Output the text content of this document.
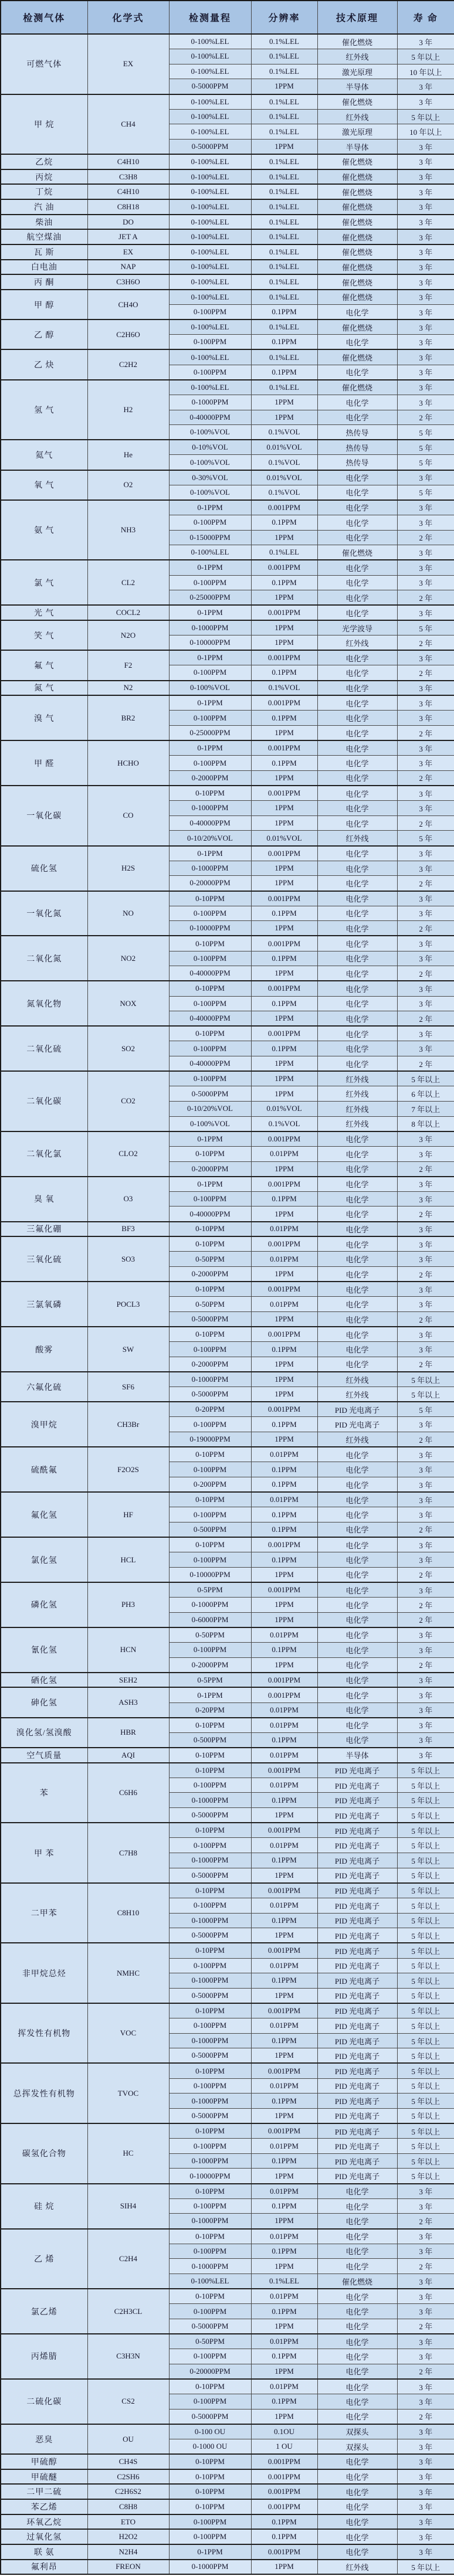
检测气体	化学式	检测量程	分辨率	技术原理	寿 命
可燃气体	EX	0-100%LEL	0.1%LEL	催化燃烧	3 年
		0-100%LEL	0.1%LEL	红外线	5 年以上
		0-100%LEL	0.1%LEL	激光原理	10 年以上
		0-5000PPM	1PPM	半导体	3 年
甲 烷	CH4	0-100%LEL	0.1%LEL	催化燃烧	3 年
		0-100%LEL	0.1%LEL	红外线	5 年以上
		0-100%LEL	0.1%LEL	激光原理	10 年以上
		0-5000PPM	1PPM	半导体	3 年
乙烷	C4H10	0-100%LEL	0.1%LEL	催化燃烧	3 年
丙烷	C3H8	0-100%LEL	0.1%LEL	催化燃烧	3 年
丁烷	C4H10	0-100%LEL	0.1%LEL	催化燃烧	3 年
汽 油	C8H18	0-100%LEL	0.1%LEL	催化燃烧	3 年
柴油	DO	0-100%LEL	0.1%LEL	催化燃烧	3 年
航空煤油	JET A	0-100%LEL	0.1%LEL	催化燃烧	3 年
瓦 斯	EX	0-100%LEL	0.1%LEL	催化燃烧	3 年
白电油	NAP	0-100%LEL	0.1%LEL	催化燃烧	3 年
丙 酮	C3H6O	0-100%LEL	0.1%LEL	催化燃烧	3 年
甲 醇	CH4O	0-100%LEL	0.1%LEL	催化燃烧	3 年
		0-100PPM	0.1PPM	电化学	3 年
乙 醇	C2H6O	0-100%LEL	0.1%LEL	催化燃烧	3 年
		0-100PPM	0.1PPM	电化学	3 年
乙 炔	C2H2	0-100%LEL	0.1%LEL	催化燃烧	3 年
		0-100PPM	0.1PPM	电化学	3 年
氢 气	H2	0-100%LEL	0.1%LEL	催化燃烧	3 年
		0-1000PPM	1PPM	电化学	3 年
		0-40000PPM	1PPM	电化学	2 年
		0-100%VOL	0.1%VOL	热传导	5 年
氦气	He	0-10%VOL	0.01%VOL	热传导	5 年
		0-100%VOL	0.1%VOL	热传导	5 年
氧 气	O2	0-30%VOL	0.01%VOL	电化学	3 年
		0-100%VOL	0.1%VOL	电化学	5 年
氨 气	NH3	0-1PPM	0.001PPM	电化学	3 年
		0-100PPM	0.1PPM	电化学	3 年
		0-15000PPM	1PPM	电化学	2 年
		0-100%LEL	0.1%LEL	催化燃烧	3 年
氯 气	CL2	0-1PPM	0.001PPM	电化学	3 年
		0-100PPM	0.1PPM	电化学	3 年
		0-25000PPM	1PPM	电化学	2 年
光 气	COCL2	0-1PPM	0.001PPM	电化学	3 年
笑 气	N2O	0-1000PPM	1PPM	光学波导	5 年
		0-10000PPM	1PPM	红外线	2 年
氟 气	F2	0-1PPM	0.001PPM	电化学	3 年
		0-100PPM	0.1PPM	电化学	2 年
氮 气	N2	0-100%VOL	0.1%VOL	电化学	3 年
溴 气	BR2	0-1PPM	0.001PPM	电化学	3 年
		0-100PPM	0.1PPM	电化学	3 年
		0-25000PPM	1PPM	电化学	2 年
甲 醛	HCHO	0-1PPM	0.001PPM	电化学	3 年
		0-100PPM	0.1PPM	电化学	3 年
		0-2000PPM	1PPM	电化学	2 年
一氧化碳	CO	0-10PPM	0.001PPM	电化学	3 年
		0-1000PPM	1PPM	电化学	3 年
		0-40000PPM	1PPM	电化学	2 年
		0-10/20%VOL	0.01%VOL	红外线	5 年
硫化氢	H2S	0-1PPM	0.001PPM	电化学	3 年
		0-1000PPM	1PPM	电化学	3 年
		0-20000PPM	1PPM	电化学	2 年
一氧化氮	NO	0-10PPM	0.001PPM	电化学	3 年
		0-100PPM	0.1PPM	电化学	3 年
		0-10000PPM	1PPM	电化学	2 年
二氧化氮	NO2	0-10PPM	0.001PPM	电化学	3 年
		0-100PPM	0.1PPM	电化学	3 年
		0-40000PPM	1PPM	电化学	2 年
氮氧化物	NOX	0-10PPM	0.001PPM	电化学	3 年
		0-100PPM	0.1PPM	电化学	3 年
		0-40000PPM	1PPM	电化学	2 年
二氧化硫	SO2	0-10PPM	0.001PPM	电化学	3 年
		0-100PPM	0.1PPM	电化学	3 年
		0-40000PPM	1PPM	电化学	2 年
二氧化碳	CO2	0-100PPM	1PPM	红外线	5 年以上
		0-5000PPM	1PPM	红外线	6 年以上
		0-10/20%VOL	0.01%VOL	红外线	7 年以上
		0-100%VOL	0.1%VOL	红外线	8 年以上
二氧化氯	CLO2	0-1PPM	0.001PPM	电化学	3 年
		0-10PPM	0.01PPM	电化学	3 年
		0-2000PPM	1PPM	电化学	2 年
臭 氧	O3	0-1PPM	0.001PPM	电化学	3 年
		0-100PPM	0.1PPM	电化学	3 年
		0-40000PPM	1PPM	电化学	2 年
三氟化硼	BF3	0-10PPM	0.01PPM	电化学	3 年
三氧化硫	SO3	0-10PPM	0.001PPM	电化学	3 年
		0-50PPM	0.01PPM	电化学	3 年
		0-2000PPM	1PPM	电化学	2 年
三氯氧磷	POCL3	0-10PPM	0.001PPM	电化学	3 年
		0-50PPM	0.01PPM	电化学	3 年
		0-5000PPM	1PPM	电化学	2 年
酸雾	SW	0-10PPM	0.001PPM	电化学	3 年
		0-100PPM	0.1PPM	电化学	3 年
		0-2000PPM	1PPM	电化学	2 年
六氟化硫	SF6	0-1000PPM	1PPM	红外线	5 年以上
		0-5000PPM	1PPM	红外线	5 年以上
溴甲烷	CH3Br	0-20PPM	0.001PPM	PID 光电离子	5 年
		0-100PPM	0.1PPM	PID 光电离子	3 年
		0-19000PPM	1PPM	红外线	2 年
硫酰氟	F2O2S	0-10PPM	0.01PPM	电化学	3 年
		0-100PPM	0.1PPM	电化学	3 年
		0-200PPM	0.1PPM	电化学	3 年
氟化氢	HF	0-10PPM	0.01PPM	电化学	3 年
		0-100PPM	0.1PPM	电化学	3 年
		0-500PPM	0.1PPM	电化学	2 年
氯化氢	HCL	0-10PPM	0.001PPM	电化学	3 年
		0-100PPM	0.1PPM	电化学	3 年
		0-10000PPM	1PPM	电化学	2 年
磷化氢	PH3	0-5PPM	0.001PPM	电化学	3 年
		0-1000PPM	1PPM	电化学	2 年
		0-6000PPM	1PPM	电化学	2 年
氰化氢	HCN	0-50PPM	0.01PPM	电化学	3 年
		0-100PPM	0.1PPM	电化学	3 年
		0-2000PPM	1PPM	电化学	2 年
硒化氢	SEH2	0-5PPM	0.001PPM	电化学	3 年
砷化氢	ASH3	0-1PPM	0.001PPM	电化学	3 年
		0-20PPM	0.01PPM	电化学	3 年
溴化氢/氢溴酸	HBR	0-10PPM	0.01PPM	电化学	3 年
		0-500PPM	0.1PPM	电化学	3 年
空气质量	AQI	0-10PPM	0.01PPM	半导体	3 年
苯	C6H6	0-10PPM	0.001PPM	PID 光电离子	5 年以上
		0-100PPM	0.01PPM	PID 光电离子	5 年以上
		0-1000PPM	0.1PPM	PID 光电离子	5 年以上
		0-5000PPM	1PPM	PID 光电离子	5 年以上
甲 苯	C7H8	0-10PPM	0.001PPM	PID 光电离子	5 年以上
		0-100PPM	0.01PPM	PID 光电离子	5 年以上
		0-1000PPM	0.1PPM	PID 光电离子	5 年以上
		0-5000PPM	1PPM	PID 光电离子	5 年以上
二甲苯	C8H10	0-10PPM	0.001PPM	PID 光电离子	5 年以上
		0-100PPM	0.01PPM	PID 光电离子	5 年以上
		0-1000PPM	0.1PPM	PID 光电离子	5 年以上
		0-5000PPM	1PPM	PID 光电离子	5 年以上
非甲烷总烃	NMHC	0-10PPM	0.001PPM	PID 光电离子	5 年以上
		0-100PPM	0.01PPM	PID 光电离子	5 年以上
		0-1000PPM	0.1PPM	PID 光电离子	5 年以上
		0-5000PPM	1PPM	PID 光电离子	5 年以上
挥发性有机物	VOC	0-10PPM	0.001PPM	PID 光电离子	5 年以上
		0-100PPM	0.01PPM	PID 光电离子	5 年以上
		0-1000PPM	0.1PPM	PID 光电离子	5 年以上
		0-5000PPM	1PPM	PID 光电离子	5 年以上
总挥发性有机物	TVOC	0-10PPM	0.001PPM	PID 光电离子	5 年以上
		0-100PPM	0.01PPM	PID 光电离子	5 年以上
		0-1000PPM	0.1PPM	PID 光电离子	5 年以上
		0-5000PPM	1PPM	PID 光电离子	5 年以上
碳氢化合物	HC	0-10PPM	0.001PPM	PID 光电离子	5 年以上
		0-100PPM	0.01PPM	PID 光电离子	5 年以上
		0-1000PPM	0.1PPM	PID 光电离子	5 年以上
		0-10000PPM	1PPM	PID 光电离子	5 年以上
硅 烷	SIH4	0-10PPM	0.01PPM	电化学	3 年
		0-100PPM	0.1PPM	电化学	3 年
		0-1000PPM	1PPM	电化学	2 年
乙 烯	C2H4	0-10PPM	0.01PPM	电化学	3 年
		0-100PPM	0.1PPM	电化学	3 年
		0-1000PPM	1PPM	电化学	2 年
		0-100%LEL	0.1%LEL	催化燃烧	3 年
氯乙烯	C2H3CL	0-10PPM	0.01PPM	电化学	3 年
		0-100PPM	0.1PPM	电化学	3 年
		0-5000PPM	1PPM	电化学	2 年
丙烯腈	C3H3N	0-50PPM	0.01PPM	电化学	3 年
		0-100PPM	0.1PPM	电化学	3 年
		0-20000PPM	1PPM	电化学	2 年
二硫化碳	CS2	0-10PPM	0.01PPM	电化学	3 年
		0-100PPM	0.1PPM	电化学	3 年
		0-5000PPM	1PPM	电化学	2 年
恶臭	OU	0-100 OU	0.1OU	双探头	3 年
		0-1000 OU	1 OU	双探头	3 年
甲硫醇	CH4S	0-10PPM	0.001PPM	电化学	3 年
甲硫醚	C2SH6	0-10PPM	0.001PPM	电化学	3 年
二甲二硫	C2H6S2	0-10PPM	0.001PPM	电化学	3 年
苯乙烯	C8H8	0-10PPM	0.001PPM	电化学	3 年
环氧乙烷	ETO	0-100PPM	0.1PPM	电化学	3 年
过氧化氢	H2O2	0-100PPM	0.1PPM	电化学	3 年
联 氨	N2H4	0-1PPM	0.001PPM	电化学	3 年
氟利昂	FREON	0-1000PPM	1PPM	红外线	5 年以上
